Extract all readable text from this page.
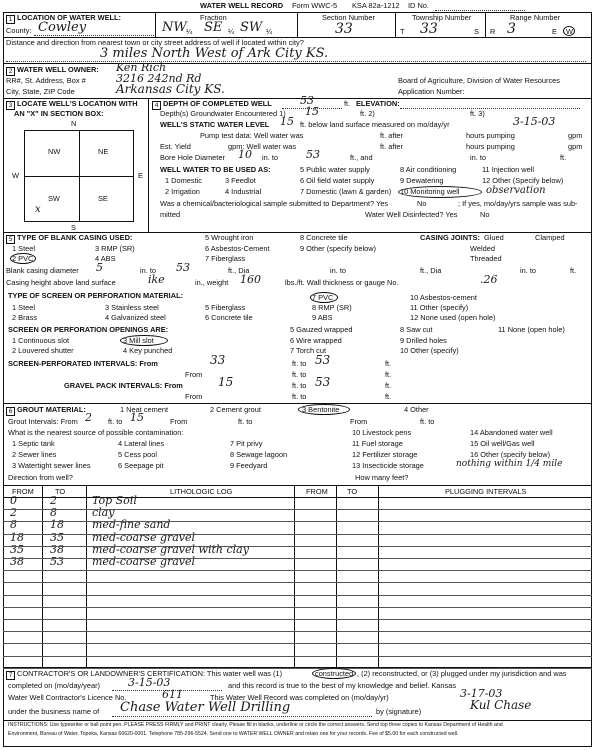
WATER WELL RECORD Form WWC-5 KSA 82a-1212 ID No.
1 LOCATION OF WATER WELL:
County: Cowley
Fraction
NW ¼ SE ¼ SW ¼
Section Number
33
Township Number
T 33	S
Range Number
R 3	E W
Distance and direction from nearest town or city street address of well if located within city?
3 miles North West of Ark City KS.
2 WATER WELL OWNER: Ken Rich
RR#, St. Address, Box #	3216 242nd Rd
City, State, ZIP Code	Arkansas City KS.
Board of Agriculture, Division of Water Resources
Application Number:
3 LOCATE WELL'S LOCATION WITH
AN "X" IN SECTION BOX:
N
NW	NE
SW	SE
W	E
S
x
4 DEPTH OF COMPLETED WELL	53	ft. ELEVATION:
Depth(s) Groundwater Encountered 1) 15	ft. 2)	ft. 3)
WELL'S STATIC WATER LEVEL 15 ft. below land surface measured on mo/day/yr	3-15-03
Pump test data: Well water was	ft. after	hours pumping	gpm
Est. Yield	gpm: Well water was	ft. after	hours pumping	gpm
Bore Hole Diameter 10 in. to	53	ft., and	in. to	ft.
WELL WATER TO BE USED AS:
1 Domestic
2 Irrigation
3 Feedlot
4 Industrial
5 Public water supply
6 Oil field water supply
7 Domestic (lawn & garden)
8 Air conditioning
9 Dewatering
10 Monitoring well
11 Injection well
12 Other (Specify below)
observation
Was a chemical/bacteriological sample submitted to Department? Yes	No	; If yes, mo/day/yrs sample was sub-
mitted	Water Well Disinfected? Yes	No
5 TYPE OF BLANK CASING USED:
1 Steel
2 PVC
3 RMP (SR)
4 ABS
5 Wrought iron
6 Asbestos-Cement
7 Fiberglass
8 Concrete tile
9 Other (specify below)
CASING JOINTS: Glued	Clamped
Welded
Threaded
Blank casing diameter 5	in. to 53	ft., Dia	in. to	ft., Dia	in. to	ft.
Casing height above land surface	ike	in., weight 160	lbs./ft. Wall thickness or gauge No.	.26
TYPE OF SCREEN OR PERFORATION MATERIAL:
1 Steel
2 Brass
3 Stainless steel
4 Galvanized steel
5 Fiberglass
6 Concrete tile
7 PVC
8 RMP (SR)
9 ABS
10 Asbestos-cement
11 Other (specify)
12 None used (open hole)
SCREEN OR PERFORATION OPENINGS ARE:
1 Continuous slot
2 Louvered shutter
3 Mill slot
4 Key punched
5 Gauzed wrapped
6 Wire wrapped
7 Torch cut
8 Saw cut
9 Drilled holes
10 Other (specify)
11 None (open hole)
SCREEN-PERFORATED INTERVALS: From	33	ft. to 53	ft.
From	ft. to	ft.
GRAVEL PACK INTERVALS: From	15	ft. to 53	ft.
From	ft. to	ft.
6 GROUT MATERIAL:	1 Neat cement	2 Cement grout	3 Bentonite	4 Other
Grout Intervals: From 2 ft. to 15	From	ft. to	From	ft. to
What is the nearest source of possible contamination:
1 Septic tank
2 Sewer lines
3 Watertight sewer lines
4 Lateral lines
5 Cess pool
6 Seepage pit
7 Pit privy
8 Sewage lagoon
9 Feedyard
10 Livestock pens
11 Fuel storage
12 Fertilizer storage
13 Insecticide storage
14 Abandoned water well
15 Oil well/Gas well
16 Other (specify below)
nothing within 1/4 mile
Direction from well?	How many feet?
FROM	TO	LITHOLOGIC LOG	FROM	TO	PLUGGING INTERVALS
0	2	Top Soil
2	8	clay
8	18	med-fine sand
18 35	med-coarse gravel
35 38	med-coarse gravel with clay
38 53	med-coarse gravel
7 CONTRACTOR'S OR LANDOWNER'S CERTIFICATION: This water well was (1)	constructed , (2) reconstructed, or (3) plugged under my jurisdiction and was
completed on (mo/day/year)	3-15-03	and this record is true to the best of my knowledge and belief. Kansas
Water Well Contractor's Licence No.	611	This Water Well Record was completed on (mo/day/yr)	3-17-03
under the business name of Chase Water Well Drilling	by (signature)	Kul Chase
INSTRUCTIONS: Use typewriter or ball point pen. PLEASE PRESS FIRMLY and PRINT clearly. Please fill in blanks, underline or circle the correct answers. Send top three copies to Kansas Department of Health and
Environment, Bureau of Water, Topeka, Kansas 66620-0001. Telephone 785-296-5524. Send one to WATER WELL OWNER and retain one for your records. Fee of $5.00 for each constructed well.
